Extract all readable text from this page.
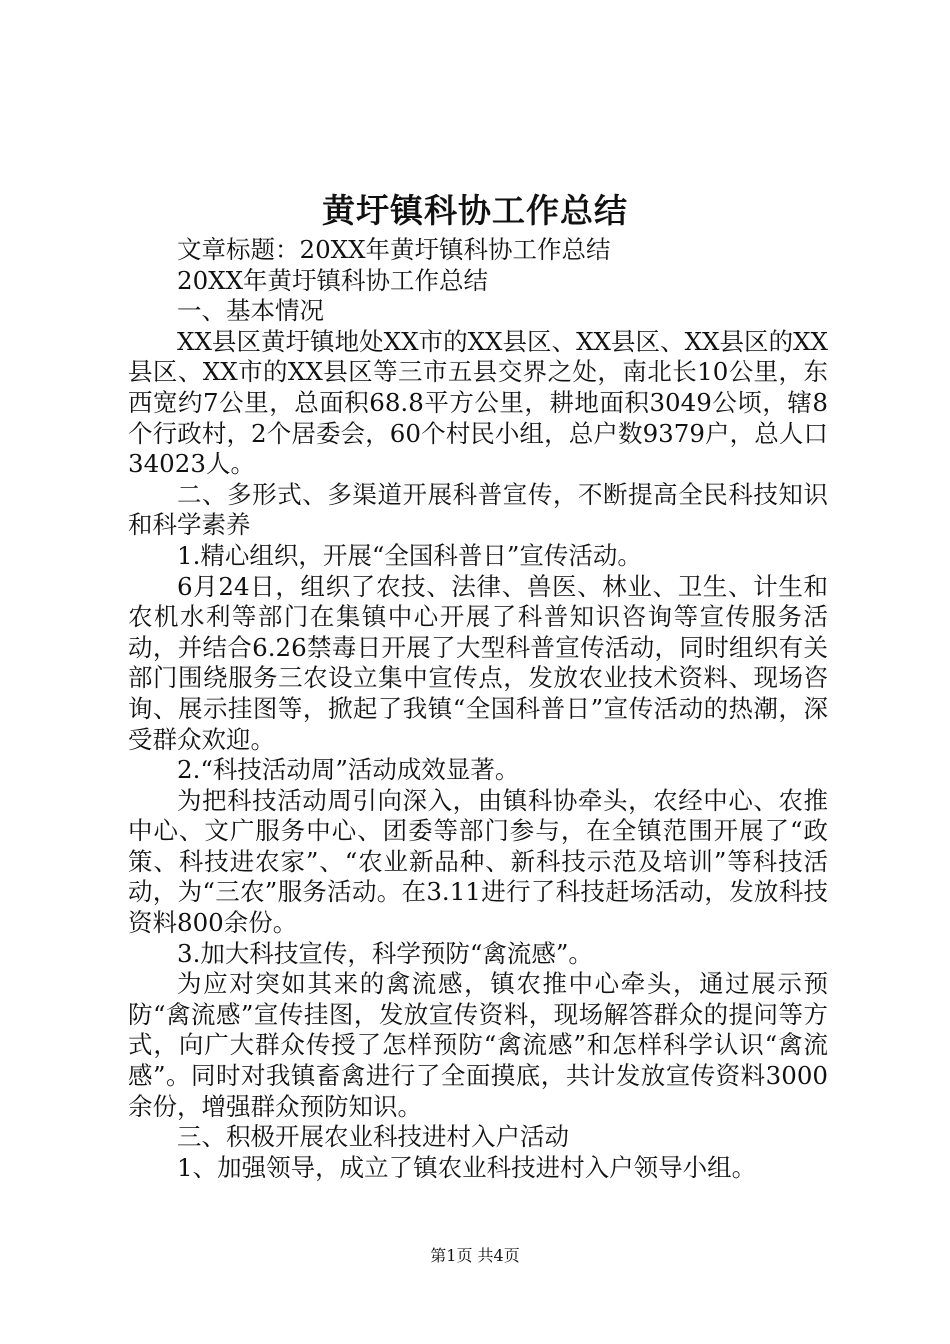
黄圩镇科协工作总结

文章标题：20XX年黄圩镇科协工作总结

20XX年黄圩镇科协工作总结

一、基本情况

XX县区黄圩镇地处XX市的XX县区、XX县区、XX县区的XX县区、XX市的XX县区等三市五县交界之处，南北长10公里，东西宽约7公里，总面积68.8平方公里，耕地面积3049公顷，辖8个行政村，2个居委会，60个村民小组，总户数9379户，总人口34023人。

二、多形式、多渠道开展科普宣传，不断提高全民科技知识和科学素养

1.精心组织，开展“全国科普日”宣传活动。

6月24日，组织了农技、法律、兽医、林业、卫生、计生和农机水利等部门在集镇中心开展了科普知识咨询等宣传服务活动，并结合6.26禁毒日开展了大型科普宣传活动，同时组织有关部门围绕服务三农设立集中宣传点，发放农业技术资料、现场咨询、展示挂图等，掀起了我镇“全国科普日”宣传活动的热潮，深受群众欢迎。

2.“科技活动周”活动成效显著。

为把科技活动周引向深入，由镇科协牵头，农经中心、农推中心、文广服务中心、团委等部门参与，在全镇范围开展了“政策、科技进农家”、“农业新品种、新科技示范及培训”等科技活动，为“三农”服务活动。在3.11进行了科技赶场活动，发放科技资料800余份。

3.加大科技宣传，科学预防“禽流感”。

为应对突如其来的禽流感，镇农推中心牵头，通过展示预防“禽流感”宣传挂图，发放宣传资料，现场解答群众的提问等方式，向广大群众传授了怎样预防“禽流感”和怎样科学认识“禽流感”。同时对我镇畜禽进行了全面摸底，共计发放宣传资料3000余份，增强群众预防知识。

三、积极开展农业科技进村入户活动

1、加强领导，成立了镇农业科技进村入户领导小组。

第1页 共4页
